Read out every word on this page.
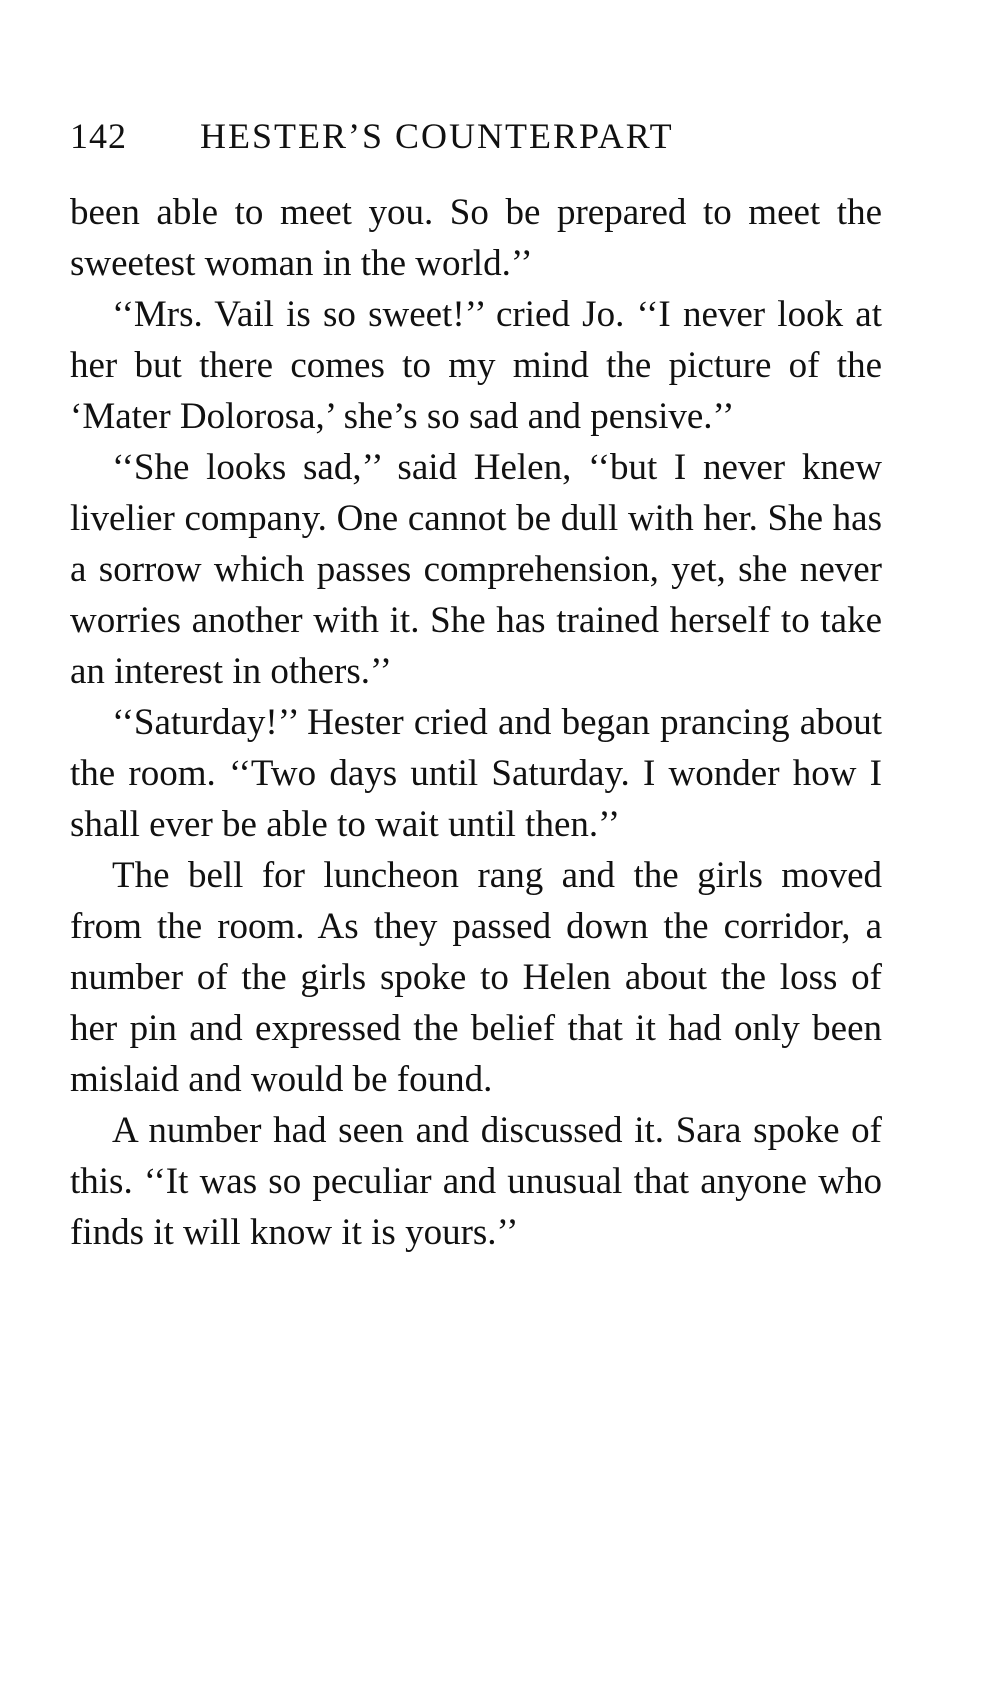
142 HESTER’S COUNTERPART

been able to meet you. So be prepared to meet the sweetest woman in the world.’’

‘‘Mrs. Vail is so sweet!’’ cried Jo. ‘‘I never look at her but there comes to my mind the picture of the ‘Mater Dolorosa,’ she’s so sad and pensive.’’

‘‘She looks sad,’’ said Helen, ‘‘but I never knew livelier company. One cannot be dull with her. She has a sorrow which passes comprehension, yet, she never worries another with it. She has trained herself to take an interest in others.’’

‘‘Saturday!’’ Hester cried and began prancing about the room. ‘‘Two days until Saturday. I wonder how I shall ever be able to wait until then.’’

The bell for luncheon rang and the girls moved from the room. As they passed down the corridor, a number of the girls spoke to Helen about the loss of her pin and expressed the belief that it had only been mislaid and would be found.

A number had seen and discussed it. Sara spoke of this. ‘‘It was so peculiar and unusual that anyone who finds it will know it is yours.’’
